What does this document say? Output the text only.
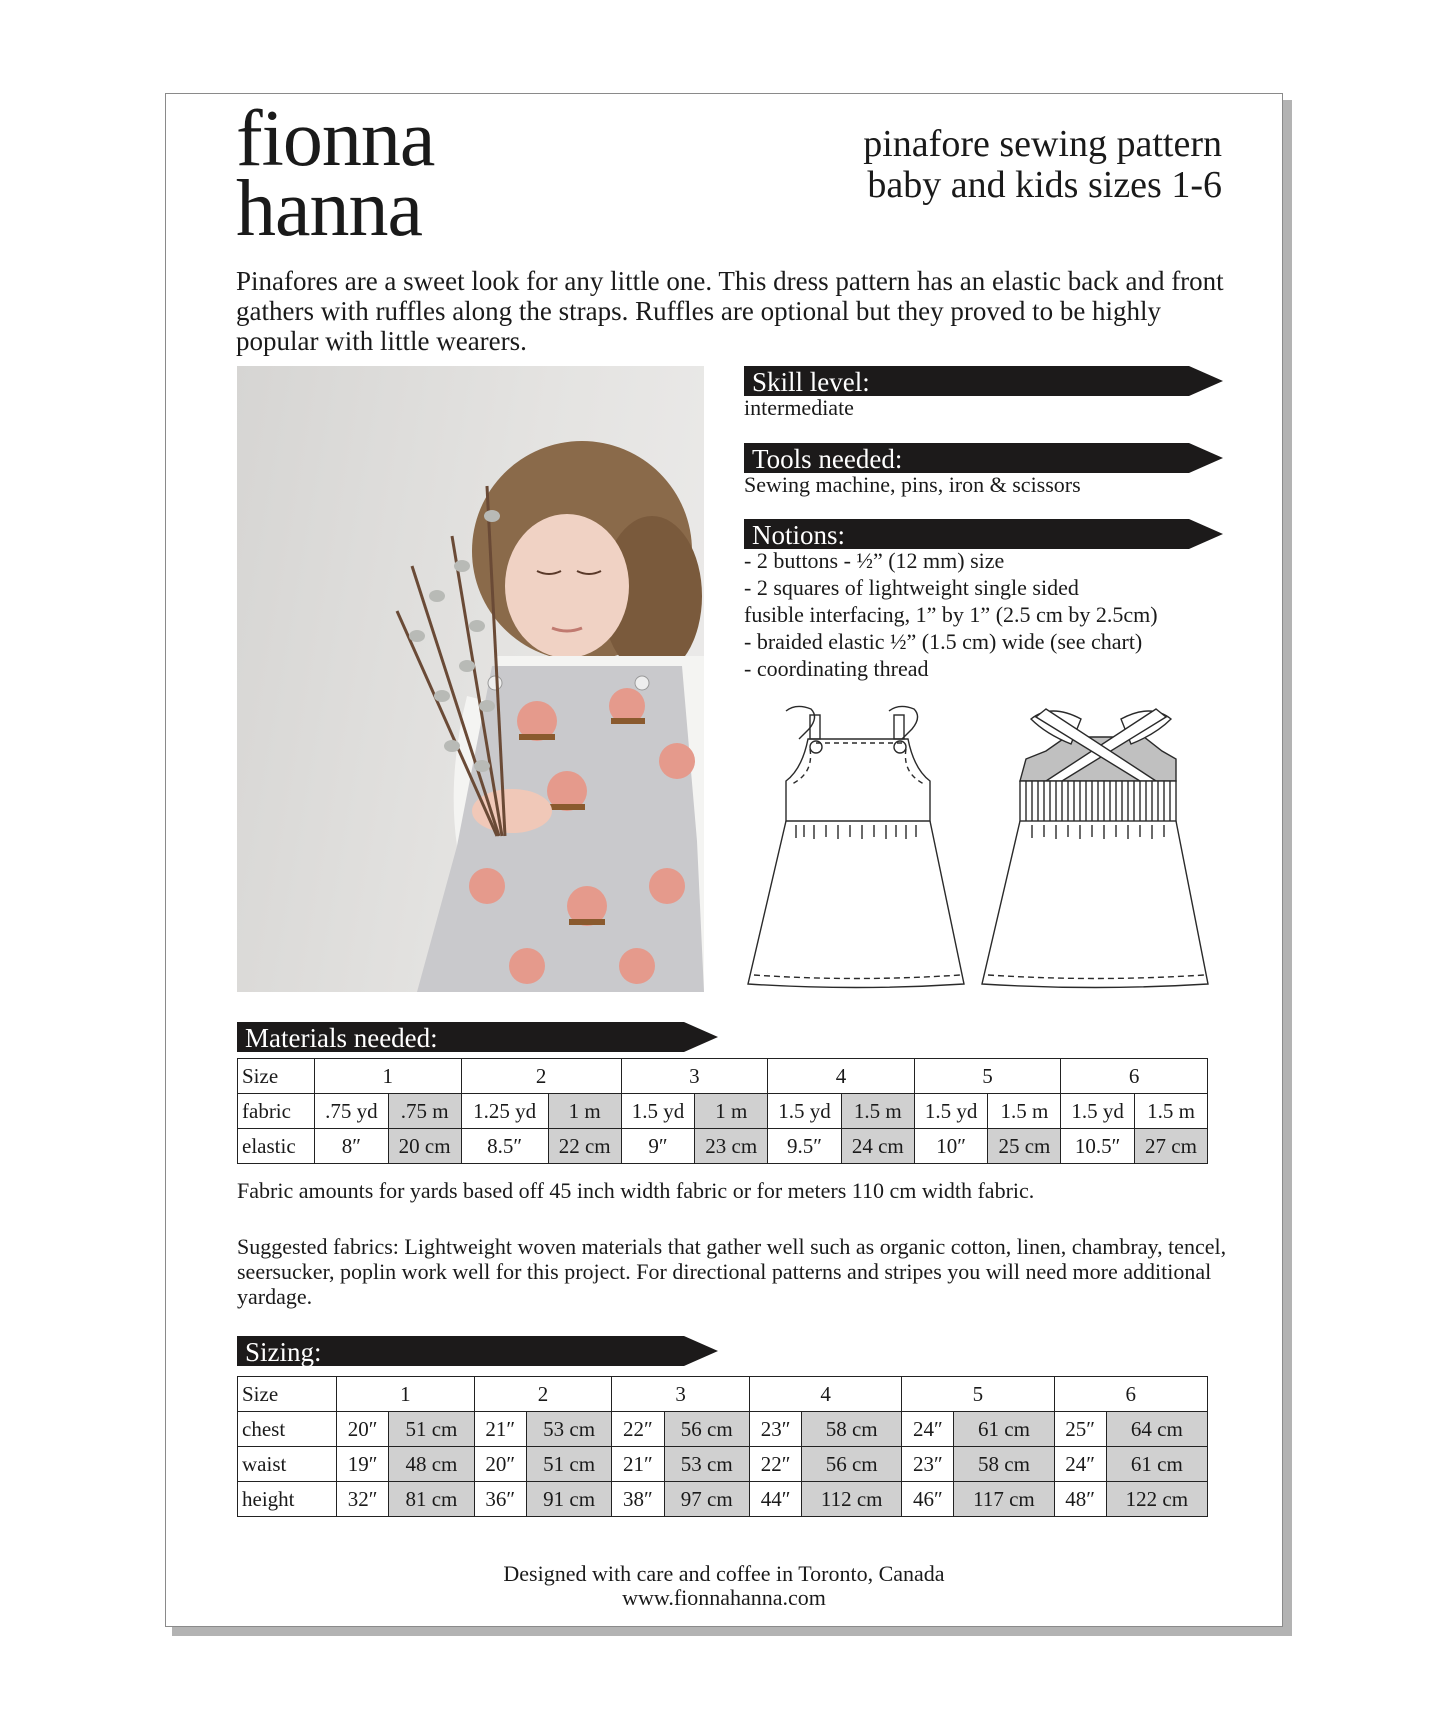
fionna
hanna
pinafore sewing pattern
baby and kids sizes 1-6
Pinafores are a sweet look for any little one. This dress pattern has an elastic back and front gathers with ruffles along the straps. Ruffles are optional but they proved to be highly popular with little wearers.
Skill level:
intermediate
Tools needed:
Sewing machine, pins, iron & scissors
Notions:
- 2 buttons - ½” (12 mm) size
- 2 squares of lightweight single sided
fusible interfacing, 1” by 1” (2.5 cm by 2.5cm)
- braided elastic ½” (1.5 cm) wide (see chart)
- coordinating thread
Materials needed:
Size	1		2		3		4		5		6	
fabric	.75 yd	.75 m	1.25 yd	1 m	1.5 yd	1 m	1.5 yd	1.5 m	1.5 yd	1.5 m	1.5 yd	1.5 m
elastic	8″	20 cm	8.5″	22 cm	9″	23 cm	9.5″	24 cm	10″	25 cm	10.5″	27 cm
Fabric amounts for yards based off 45 inch width fabric or for meters 110 cm width fabric.
Suggested fabrics: Lightweight woven materials that gather well such as organic cotton, linen, chambray, tencel, seersucker, poplin work well for this project. For directional patterns and stripes you will need more additional yardage.
Sizing:
Size	1		2		3		4		5		6	
chest	20″	51 cm	21″	53 cm	22″	56 cm	23″	58 cm	24″	61 cm	25″	64 cm
waist	19″	48 cm	20″	51 cm	21″	53 cm	22″	56 cm	23″	58 cm	24″	61 cm
height	32″	81 cm	36″	91 cm	38″	97 cm	44″	112 cm	46″	117 cm	48″	122 cm
Designed with care and coffee in Toronto, Canada
www.fionnahanna.com
